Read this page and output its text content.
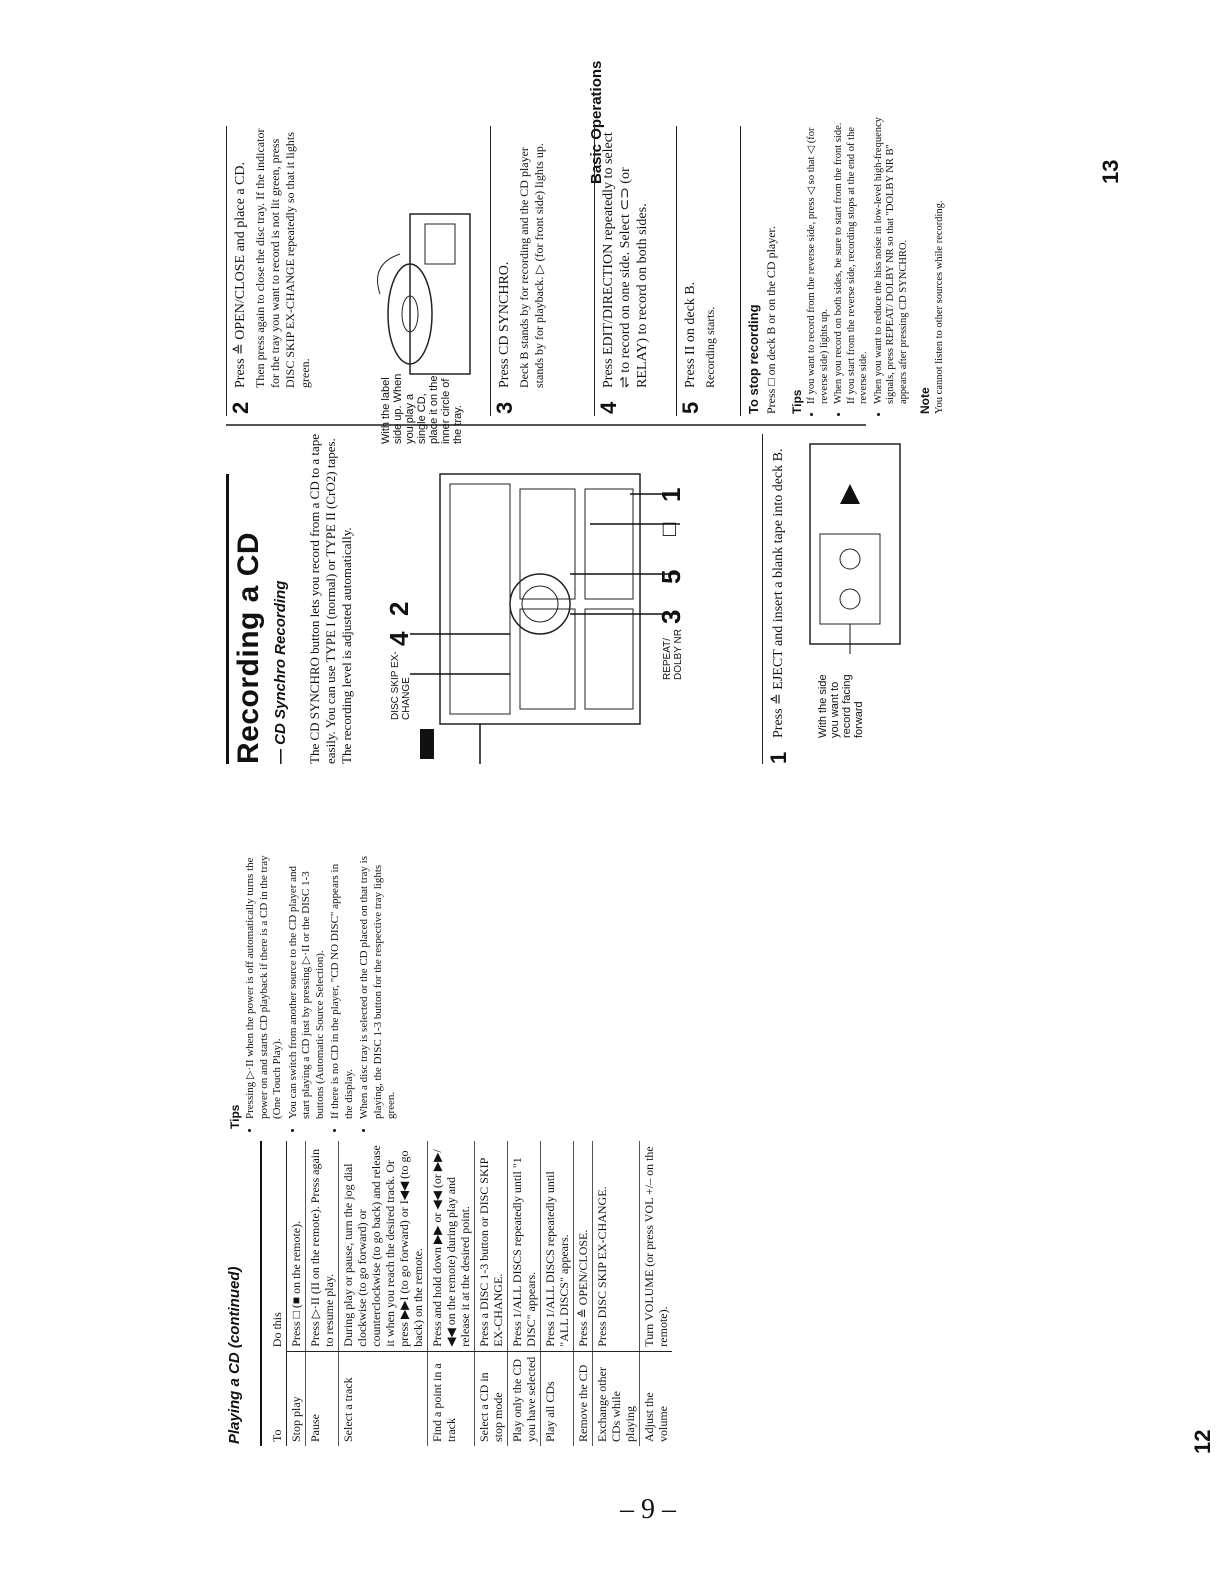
12
Playing a CD (continued) To	Do this
Stop play	Press □ (■ on the remote).
Pause	Press ▷·II (II on the remote). Press again to resume play.
Select a track	During play or pause, turn the jog dial clockwise (to go forward) or counterclockwise (to go back) and release it when you reach the desired track. Or press ▶▶I (to go forward) or I◀◀ (to go back) on the remote.
Find a point in a track	Press and hold down ▶▶ or ◀◀ (or ▶▶/◀◀ on the remote) during play and release it at the desired point.
Select a CD in stop mode	Press a DISC 1-3 button or DISC SKIP EX-CHANGE.
Play only the CD you have selected	Press 1/ALL DISCS repeatedly until "1 DISC" appears.
Play all CDs	Press 1/ALL DISCS repeatedly until "ALL DISCS" appears.
Remove the CD	Press ≙ OPEN/CLOSE.
Exchange other CDs while playing	Press DISC SKIP EX-CHANGE.
Adjust the volume	Turn VOLUME (or press VOL +/– on the remote).
Tips • Pressing ▷·II when the power is off automatically turns the power on and starts CD playback if there is a CD in the tray (One Touch Play). • You can switch from another source to the CD player and start playing a CD just by pressing ▷·II or the DISC 1-3 buttons (Automatic Source Selection). • If there is no CD in the player, "CD NO DISC" appears in the display. • When a disc tray is selected or the CD placed on that tray is playing, the DISC 1-3 button for the respective tray lights green.
13
Basic Operations
Recording a CD — CD Synchro Recording The CD SYNCHRO button lets you record from a CD to a tape easily. You can use TYPE I (normal) or TYPE II (CrO2) tapes. The recording level is adjusted automatically.	POWER
DISC SKIP EX-CHANGE
4
2
REPEAT/ DOLBY NR
3
5
□
1
1
Press ≙ EJECT and insert a blank tape into deck B.	With the side you want to record facing forward
2
Press ≙ OPEN/CLOSE and place a CD. Then press again to close the disc tray. If the indicator for the tray you want to record is not lit green, press DISC SKIP EX-CHANGE repeatedly so that it lights green.
With the label side up. When you play a single CD, place it on the inner circle of the tray. 3
Press CD SYNCHRO. Deck B stands by for recording and the CD player stands by for playback. ▷ (for front side) lights up.
4
Press EDIT/DIRECTION repeatedly to select ⇌ to record on one side. Select ⊂⊃ (or RELAY) to record on both sides.
5
Press II on deck B. Recording starts. To stop recording Press □ on deck B or on the CD player. Tips • If you want to record from the reverse side, press ◁ so that ◁ (for reverse side) lights up. • When you record on both sides, be sure to start from the front side. If you start from the reverse side, recording stops at the end of the reverse side. • When you want to reduce the hiss noise in low-level high-frequency signals, press REPEAT/ DOLBY NR so that "DOLBY NR B" appears after pressing CD SYNCHRO. Note You cannot listen to other sources while recording.
– 9 –
